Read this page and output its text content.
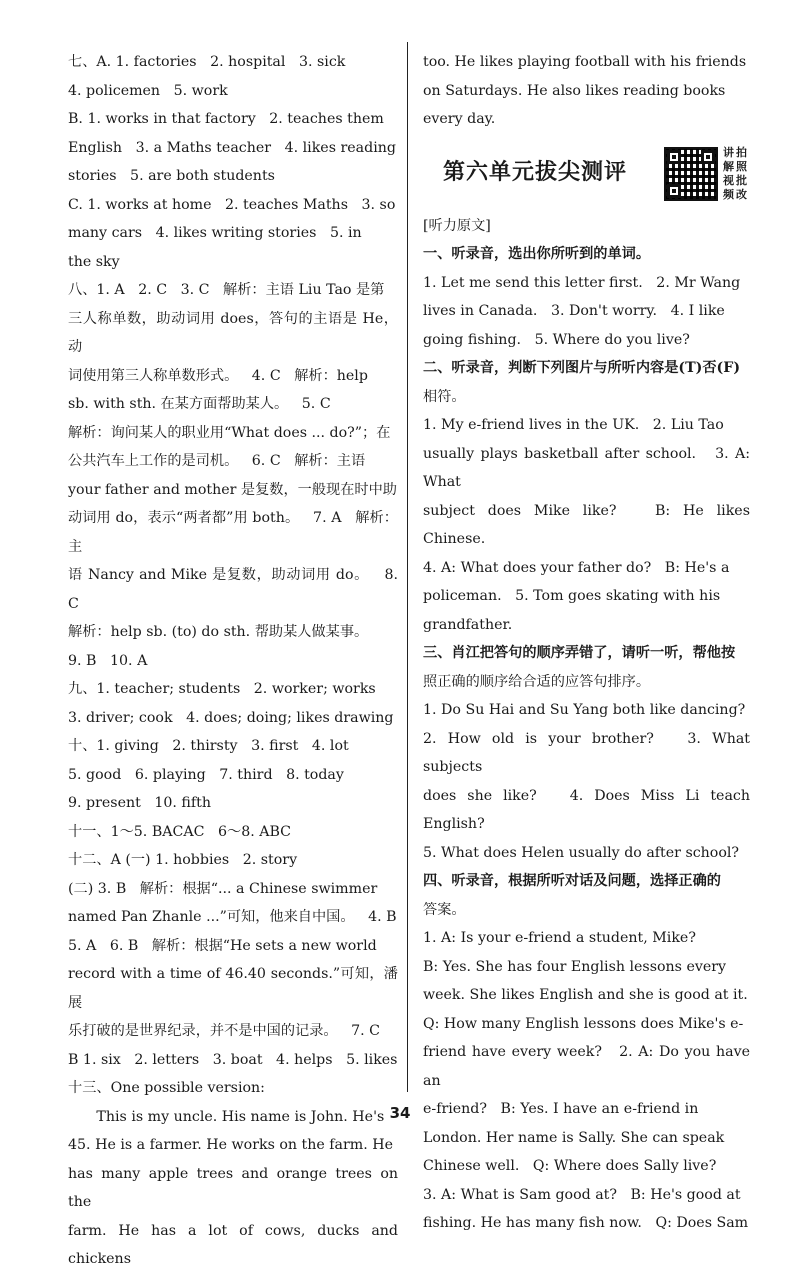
七、A. 1. factories   2. hospital   3. sick
4. policemen   5. work
B. 1. works in that factory   2. teaches them
English   3. a Maths teacher   4. likes reading
stories   5. are both students
C. 1. works at home   2. teaches Maths   3. so
many cars   4. likes writing stories   5. in
the sky
八、1. A   2. C   3. C   解析：主语 Liu Tao 是第
三人称单数，助动词用 does，答句的主语是 He，动
词使用第三人称单数形式。   4. C   解析：help
sb. with sth. 在某方面帮助某人。   5. C
解析：询问某人的职业用“What does ... do?”；在
公共汽车上工作的是司机。   6. C   解析：主语
your father and mother 是复数，一般现在时中助
动词用 do，表示“两者都”用 both。   7. A   解析：主
语 Nancy and Mike 是复数，助动词用 do。   8. C
解析：help sb. (to) do sth. 帮助某人做某事。
9. B   10. A
九、1. teacher; students   2. worker; works
3. driver; cook   4. does; doing; likes drawing
十、1. giving   2. thirsty   3. first   4. lot
5. good   6. playing   7. third   8. today
9. present   10. fifth
十一、1～5. BACAC   6～8. ABC
十二、A (一) 1. hobbies   2. story
(二) 3. B   解析：根据“... a Chinese swimmer
named Pan Zhanle ...”可知，他来自中国。   4. B
5. A   6. B   解析：根据“He sets a new world
record with a time of 46.40 seconds.”可知，潘展
乐打破的是世界纪录，并不是中国的记录。   7. C
B 1. six   2. letters   3. boat   4. helps   5. likes
十三、One possible version:
This is my uncle. His name is John. He's
45. He is a farmer. He works on the farm. He
has many apple trees and orange trees on the
farm. He has a lot of cows, ducks and chickens
too. He likes playing football with his friends
on Saturdays. He also likes reading books
every day.
第六单元拔尖测评
讲 拍
解 照
视 批
频 改
[听力原文]
一、听录音，选出你所听到的单词。
1. Let me send this letter first.   2. Mr Wang
lives in Canada.   3. Don't worry.   4. I like
going fishing.   5. Where do you live?
二、听录音，判断下列图片与所听内容是(T)否(F)
相符。
1. My e-friend lives in the UK.   2. Liu Tao
usually plays basketball after school.   3. A: What
subject does Mike like?   B: He likes Chinese.
4. A: What does your father do?   B: He's a
policeman.   5. Tom goes skating with his
grandfather.
三、肖江把答句的顺序弄错了，请听一听，帮他按
照正确的顺序给合适的应答句排序。
1. Do Su Hai and Su Yang both like dancing?
2. How old is your brother?   3. What subjects
does she like?   4. Does Miss Li teach English?
5. What does Helen usually do after school?
四、听录音，根据所听对话及问题，选择正确的
答案。
1. A: Is your e-friend a student, Mike?
B: Yes. She has four English lessons every
week. She likes English and she is good at it.
Q: How many English lessons does Mike's e-
friend have every week?   2. A: Do you have an
e-friend?   B: Yes. I have an e-friend in
London. Her name is Sally. She can speak
Chinese well.   Q: Where does Sally live?
3. A: What is Sam good at?   B: He's good at
fishing. He has many fish now.   Q: Does Sam
34
